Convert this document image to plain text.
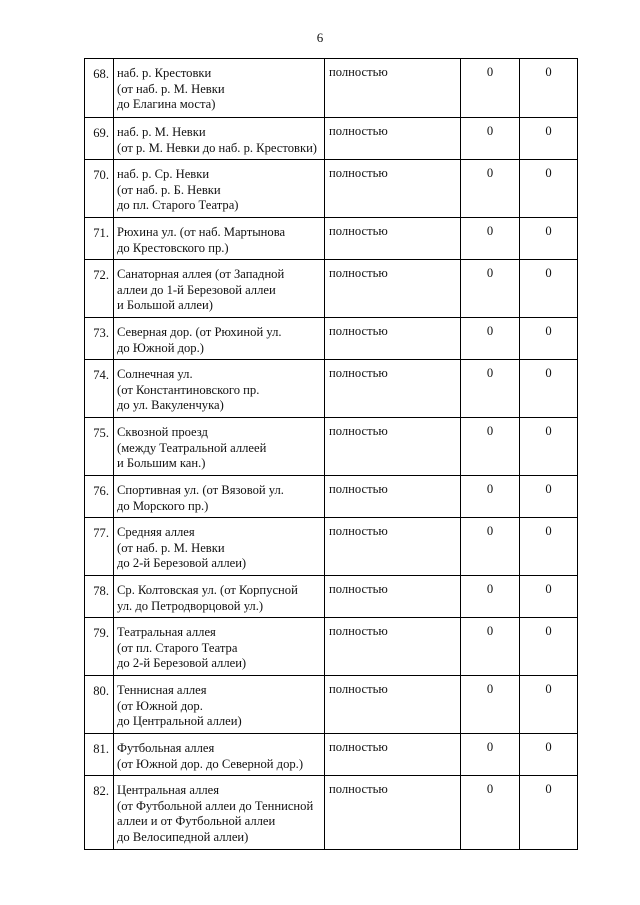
6
68.	наб. р. Крестовки
(от наб. р. М. Невки
до Елагина моста)	полностью	0	0
69.	наб. р. М. Невки
(от р. М. Невки до наб. р. Крестовки)	полностью	0	0
70.	наб. р. Ср. Невки
(от наб. р. Б. Невки
до пл. Старого Театра)	полностью	0	0
71.	Рюхина ул. (от наб. Мартынова
до Крестовского пр.)	полностью	0	0
72.	Санаторная аллея (от Западной
аллеи до 1-й Березовой аллеи
и Большой аллеи)	полностью	0	0
73.	Северная дор. (от Рюхиной ул.
до Южной дор.)	полностью	0	0
74.	Солнечная ул.
(от Константиновского пр.
до ул. Вакуленчука)	полностью	0	0
75.	Сквозной проезд
(между Театральной аллеей
и Большим кан.)	полностью	0	0
76.	Спортивная ул. (от Вязовой ул.
до Морского пр.)	полностью	0	0
77.	Средняя аллея
(от наб. р. М. Невки
до 2-й Березовой аллеи)	полностью	0	0
78.	Ср. Колтовская ул. (от Корпусной
ул. до Петродворцовой ул.)	полностью	0	0
79.	Театральная аллея
(от пл. Старого Театра
до 2-й Березовой аллеи)	полностью	0	0
80.	Теннисная аллея
(от Южной дор.
до Центральной аллеи)	полностью	0	0
81.	Футбольная аллея
(от Южной дор. до Северной дор.)	полностью	0	0
82.	Центральная аллея
(от Футбольной аллеи до Теннисной
аллеи и от Футбольной аллеи
до Велосипедной аллеи)	полностью	0	0
